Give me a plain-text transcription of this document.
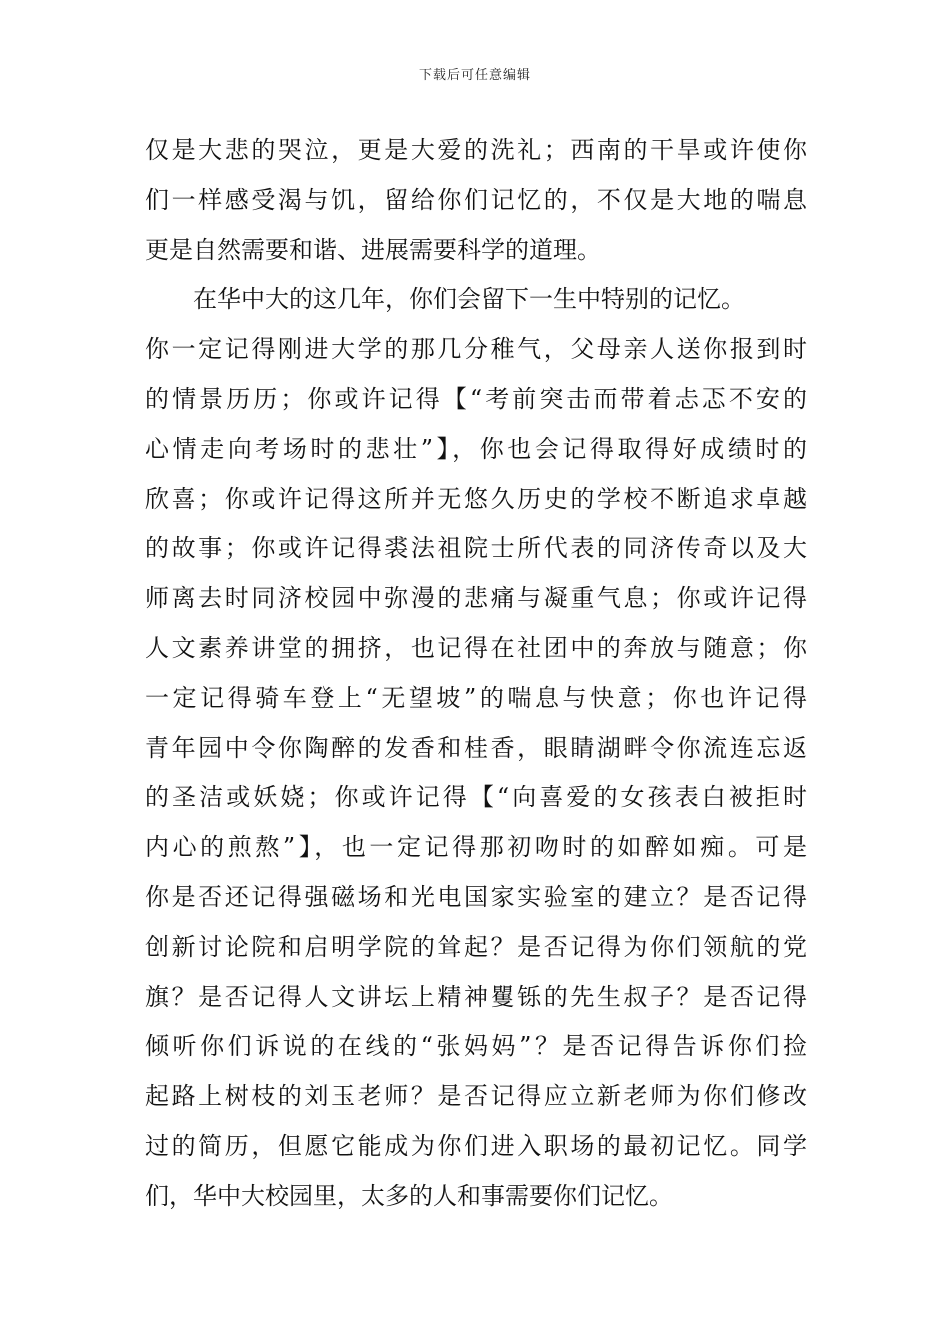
下载后可任意编辑
仅是大悲的哭泣，更是大爱的洗礼；西南的干旱或许使你
们一样感受渴与饥，留给你们记忆的，不仅是大地的喘息
更是自然需要和谐、进展需要科学的道理。
　　在华中大的这几年，你们会留下一生中特别的记忆。
你一定记得刚进大学的那几分稚气，父母亲人送你报到时
的情景历历；你或许记得【“考前突击而带着忐忑不安的
心情走向考场时的悲壮”】，你也会记得取得好成绩时的
欣喜；你或许记得这所并无悠久历史的学校不断追求卓越
的故事；你或许记得裘法祖院士所代表的同济传奇以及大
师离去时同济校园中弥漫的悲痛与凝重气息；你或许记得
人文素养讲堂的拥挤，也记得在社团中的奔放与随意；你
一定记得骑车登上“无望坡”的喘息与快意；你也许记得
青年园中令你陶醉的发香和桂香，眼睛湖畔令你流连忘返
的圣洁或妖娆；你或许记得【“向喜爱的女孩表白被拒时
内心的煎熬”】，也一定记得那初吻时的如醉如痴。可是
你是否还记得强磁场和光电国家实验室的建立？是否记得
创新讨论院和启明学院的耸起？是否记得为你们领航的党
旗？是否记得人文讲坛上精神矍铄的先生叔子？是否记得
倾听你们诉说的在线的“张妈妈”？是否记得告诉你们捡
起路上树枝的刘玉老师？是否记得应立新老师为你们修改
过的简历，但愿它能成为你们进入职场的最初记忆。同学
们，华中大校园里，太多的人和事需要你们记忆。
